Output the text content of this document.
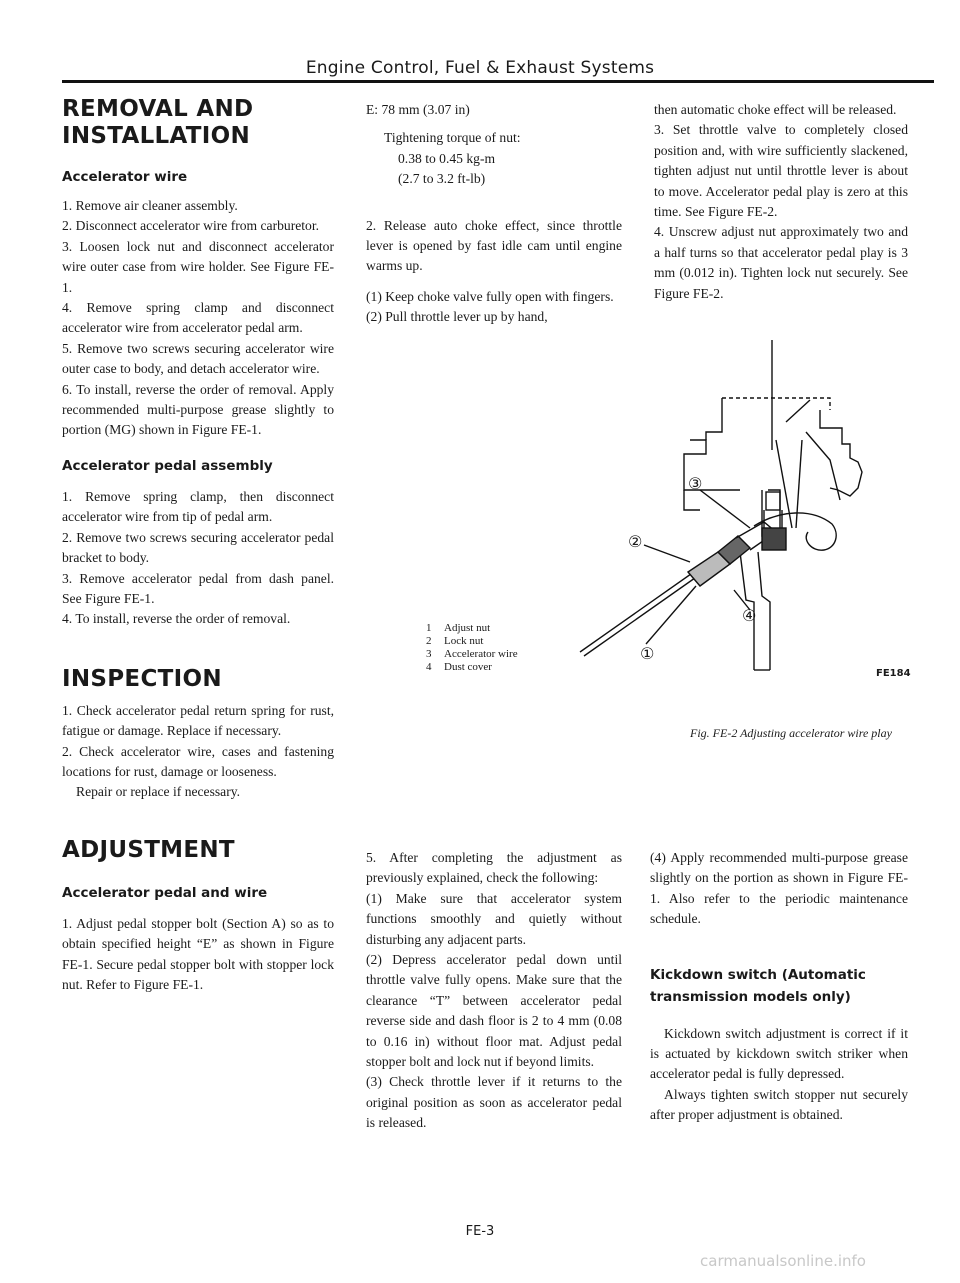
Engine Control, Fuel & Exhaust Systems
REMOVAL AND INSTALLATION
Accelerator wire

1. Remove air cleaner assembly.

2. Disconnect accelerator wire from carburetor.

3. Loosen lock nut and disconnect accelerator wire outer case from wire holder. See Figure FE-1.

4. Remove spring clamp and disconnect accelerator wire from accelerator pedal arm.

5. Remove two screws securing accelerator wire outer case to body, and detach accelerator wire.

6. To install, reverse the order of removal. Apply recommended multi-purpose grease slightly to portion (MG) shown in Figure FE-1.

Accelerator pedal assembly

1. Remove spring clamp, then disconnect accelerator wire from tip of pedal arm.

2. Remove two screws securing accelerator pedal bracket to body.

3. Remove accelerator pedal from dash panel. See Figure FE-1.

4. To install, reverse the order of removal.

INSPECTION

1. Check accelerator pedal return spring for rust, fatigue or damage. Replace if necessary.

2. Check accelerator wire, cases and fastening locations for rust, damage or looseness.

Repair or replace if necessary.

ADJUSTMENT
Accelerator pedal and wire

1. Adjust pedal stopper bolt (Section A) so as to obtain specified height “E” as shown in Figure FE-1. Secure pedal stopper bolt with stopper lock nut. Refer to Figure FE-1.

E: 78 mm (3.07 in)

Tightening torque of nut:

0.38 to 0.45 kg-m

(2.7 to 3.2 ft-lb)

2. Release auto choke effect, since throttle lever is opened by fast idle cam until engine warms up.

(1) Keep choke valve fully open with fingers.

(2) Pull throttle lever up by hand,

then automatic choke effect will be released.

3. Set throttle valve to completely closed position and, with wire sufficiently slackened, tighten adjust nut until throttle lever is about to move. Accelerator pedal play is zero at this time. See Figure FE-2.

4. Unscrew adjust nut approximately two and a half turns so that accelerator pedal play is 3 mm (0.012 in). Tighten lock nut securely. See Figure FE-2.

②
③
④
①
FE184
1 Adjust nut
2 Lock nut
3 Accelerator wire
4 Dust cover
Fig. FE-2 Adjusting accelerator wire play

5. After completing the adjustment as previously explained, check the following:

(1) Make sure that accelerator system functions smoothly and quietly without disturbing any adjacent parts.

(2) Depress accelerator pedal down until throttle valve fully opens. Make sure that the clearance “T” between accelerator pedal reverse side and dash floor is 2 to 4 mm (0.08 to 0.16 in) without floor mat. Adjust pedal stopper bolt and lock nut if beyond limits.

(3) Check throttle lever if it returns to the original position as soon as accelerator pedal is released.

(4) Apply recommended multi-purpose grease slightly on the portion as shown in Figure FE-1. Also refer to the periodic maintenance schedule.

Kickdown switch (Automatic transmission models only)

Kickdown switch adjustment is correct if it is actuated by kickdown switch striker when accelerator pedal is fully depressed.

Always tighten switch stopper nut securely after proper adjustment is obtained.

FE-3
carmanualsonline.info
